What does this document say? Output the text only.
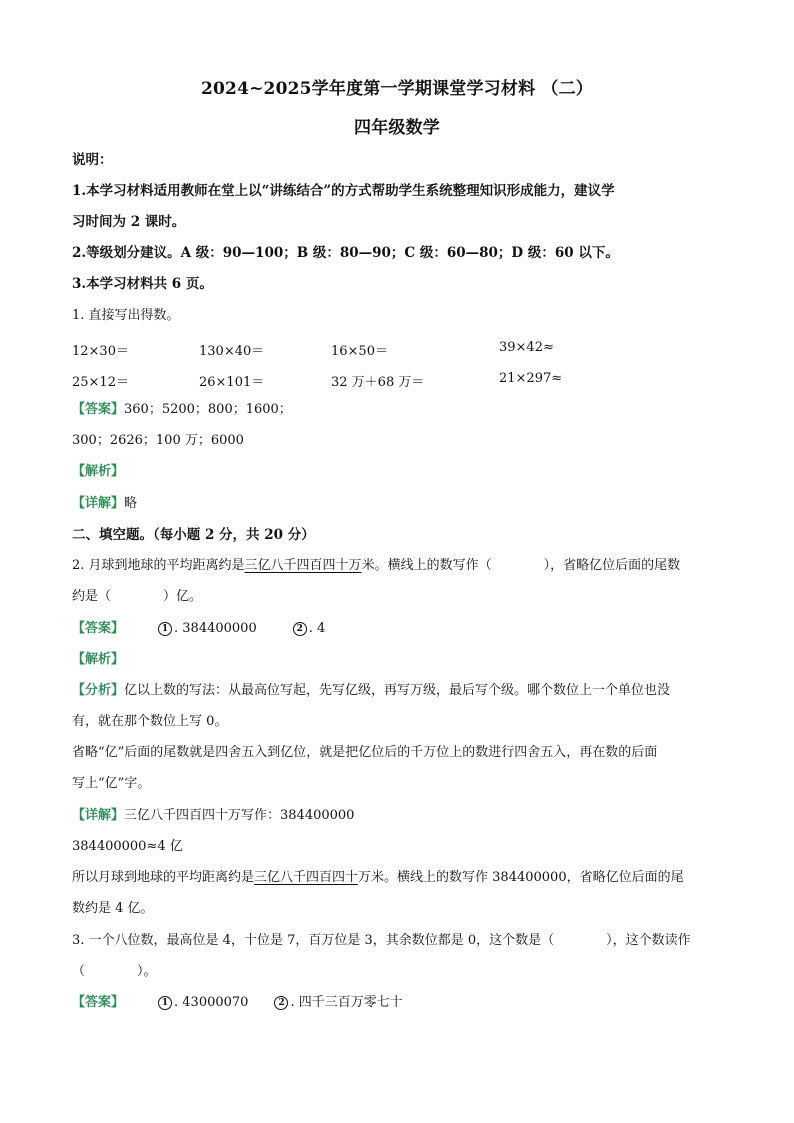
2024~2025学年度第一学期课堂学习材料 （二）
四年级数学
说明：
1.本学习材料适用教师在堂上以“讲练结合”的方式帮助学生系统整理知识形成能力，建议学
习时间为 2 课时。
2.等级划分建议。A 级：90—100；B 级：80—90；C 级：60—80；D 级：60 以下。
3.本学习材料共 6 页。
1. 直接写出得数。
12×30＝	130×40＝	16×50＝	39×42≈
25×12＝	26×101＝	32 万＋68 万＝	21×297≈
【答案】360；5200；800；1600；
300；2626；100 万；6000
【解析】
【详解】略
二、填空题。（每小题 2 分，共 20 分）
2. 月球到地球的平均距离约是三亿八千四百四十万米。横线上的数写作（　　　　），省略亿位后面的尾数
约是（　　　　）亿。
【答案】	1 . 384400000	2 . 4
【解析】
【分析】亿以上数的写法：从最高位写起，先写亿级，再写万级，最后写个级。哪个数位上一个单位也没
有，就在那个数位上写 0。
省略“亿”后面的尾数就是四舍五入到亿位，就是把亿位后的千万位上的数进行四舍五入，再在数的后面
写上“亿”字。
【详解】三亿八千四百四十万写作：384400000
384400000≈4 亿
所以月球到地球的平均距离约是三亿八千四百四十万米。横线上的数写作 384400000，省略亿位后面的尾
数约是 4 亿。
3. 一个八位数，最高位是 4，十位是 7，百万位是 3，其余数位都是 0，这个数是（　　　　），这个数读作
（　　　　）。
【答案】	1 . 43000070	2 . 四千三百万零七十
